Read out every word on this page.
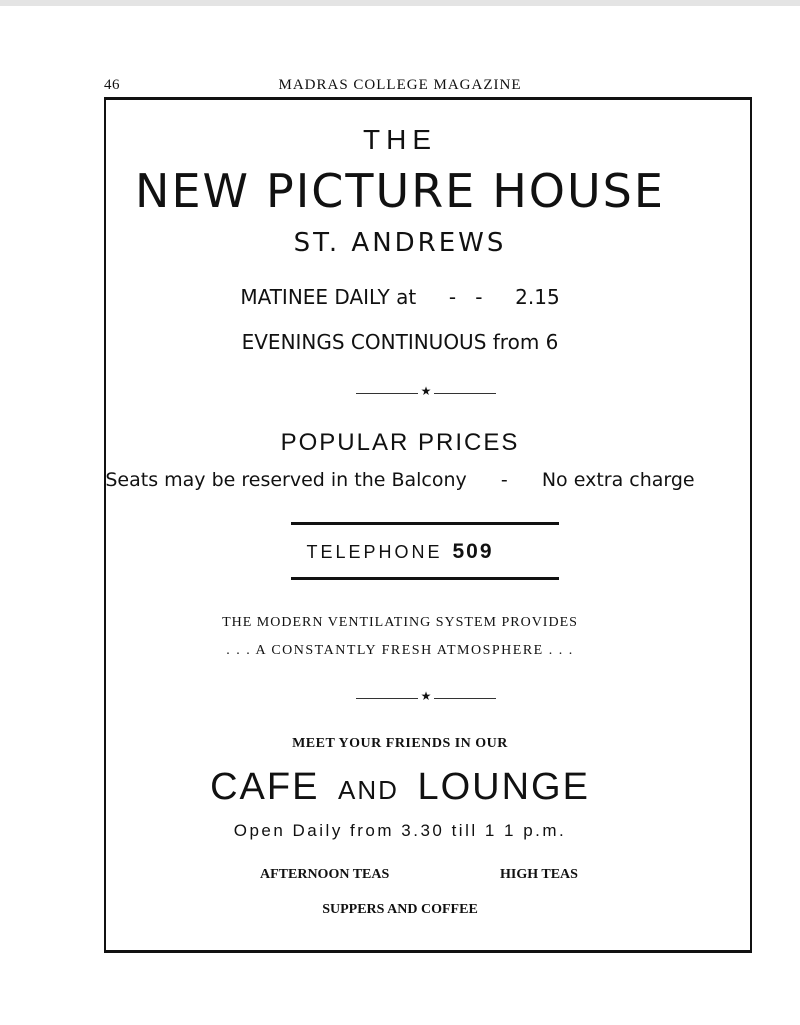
46	MADRAS COLLEGE MAGAZINE
THE
NEW PICTURE HOUSE
ST. ANDREWS
MATINEE DAILY at -   - 2.15
EVENINGS CONTINUOUS from 6
★
POPULAR PRICES
Seats may be reserved in the Balcony - No extra charge
TELEPHONE 509
THE MODERN VENTILATING SYSTEM PROVIDES
. . . A CONSTANTLY FRESH ATMOSPHERE . . .
★
MEET YOUR FRIENDS IN OUR
CAFE AND LOUNGE
Open Daily from 3.30 till 1 1 p.m.
AFTERNOON TEAS	HIGH TEAS
SUPPERS AND COFFEE
